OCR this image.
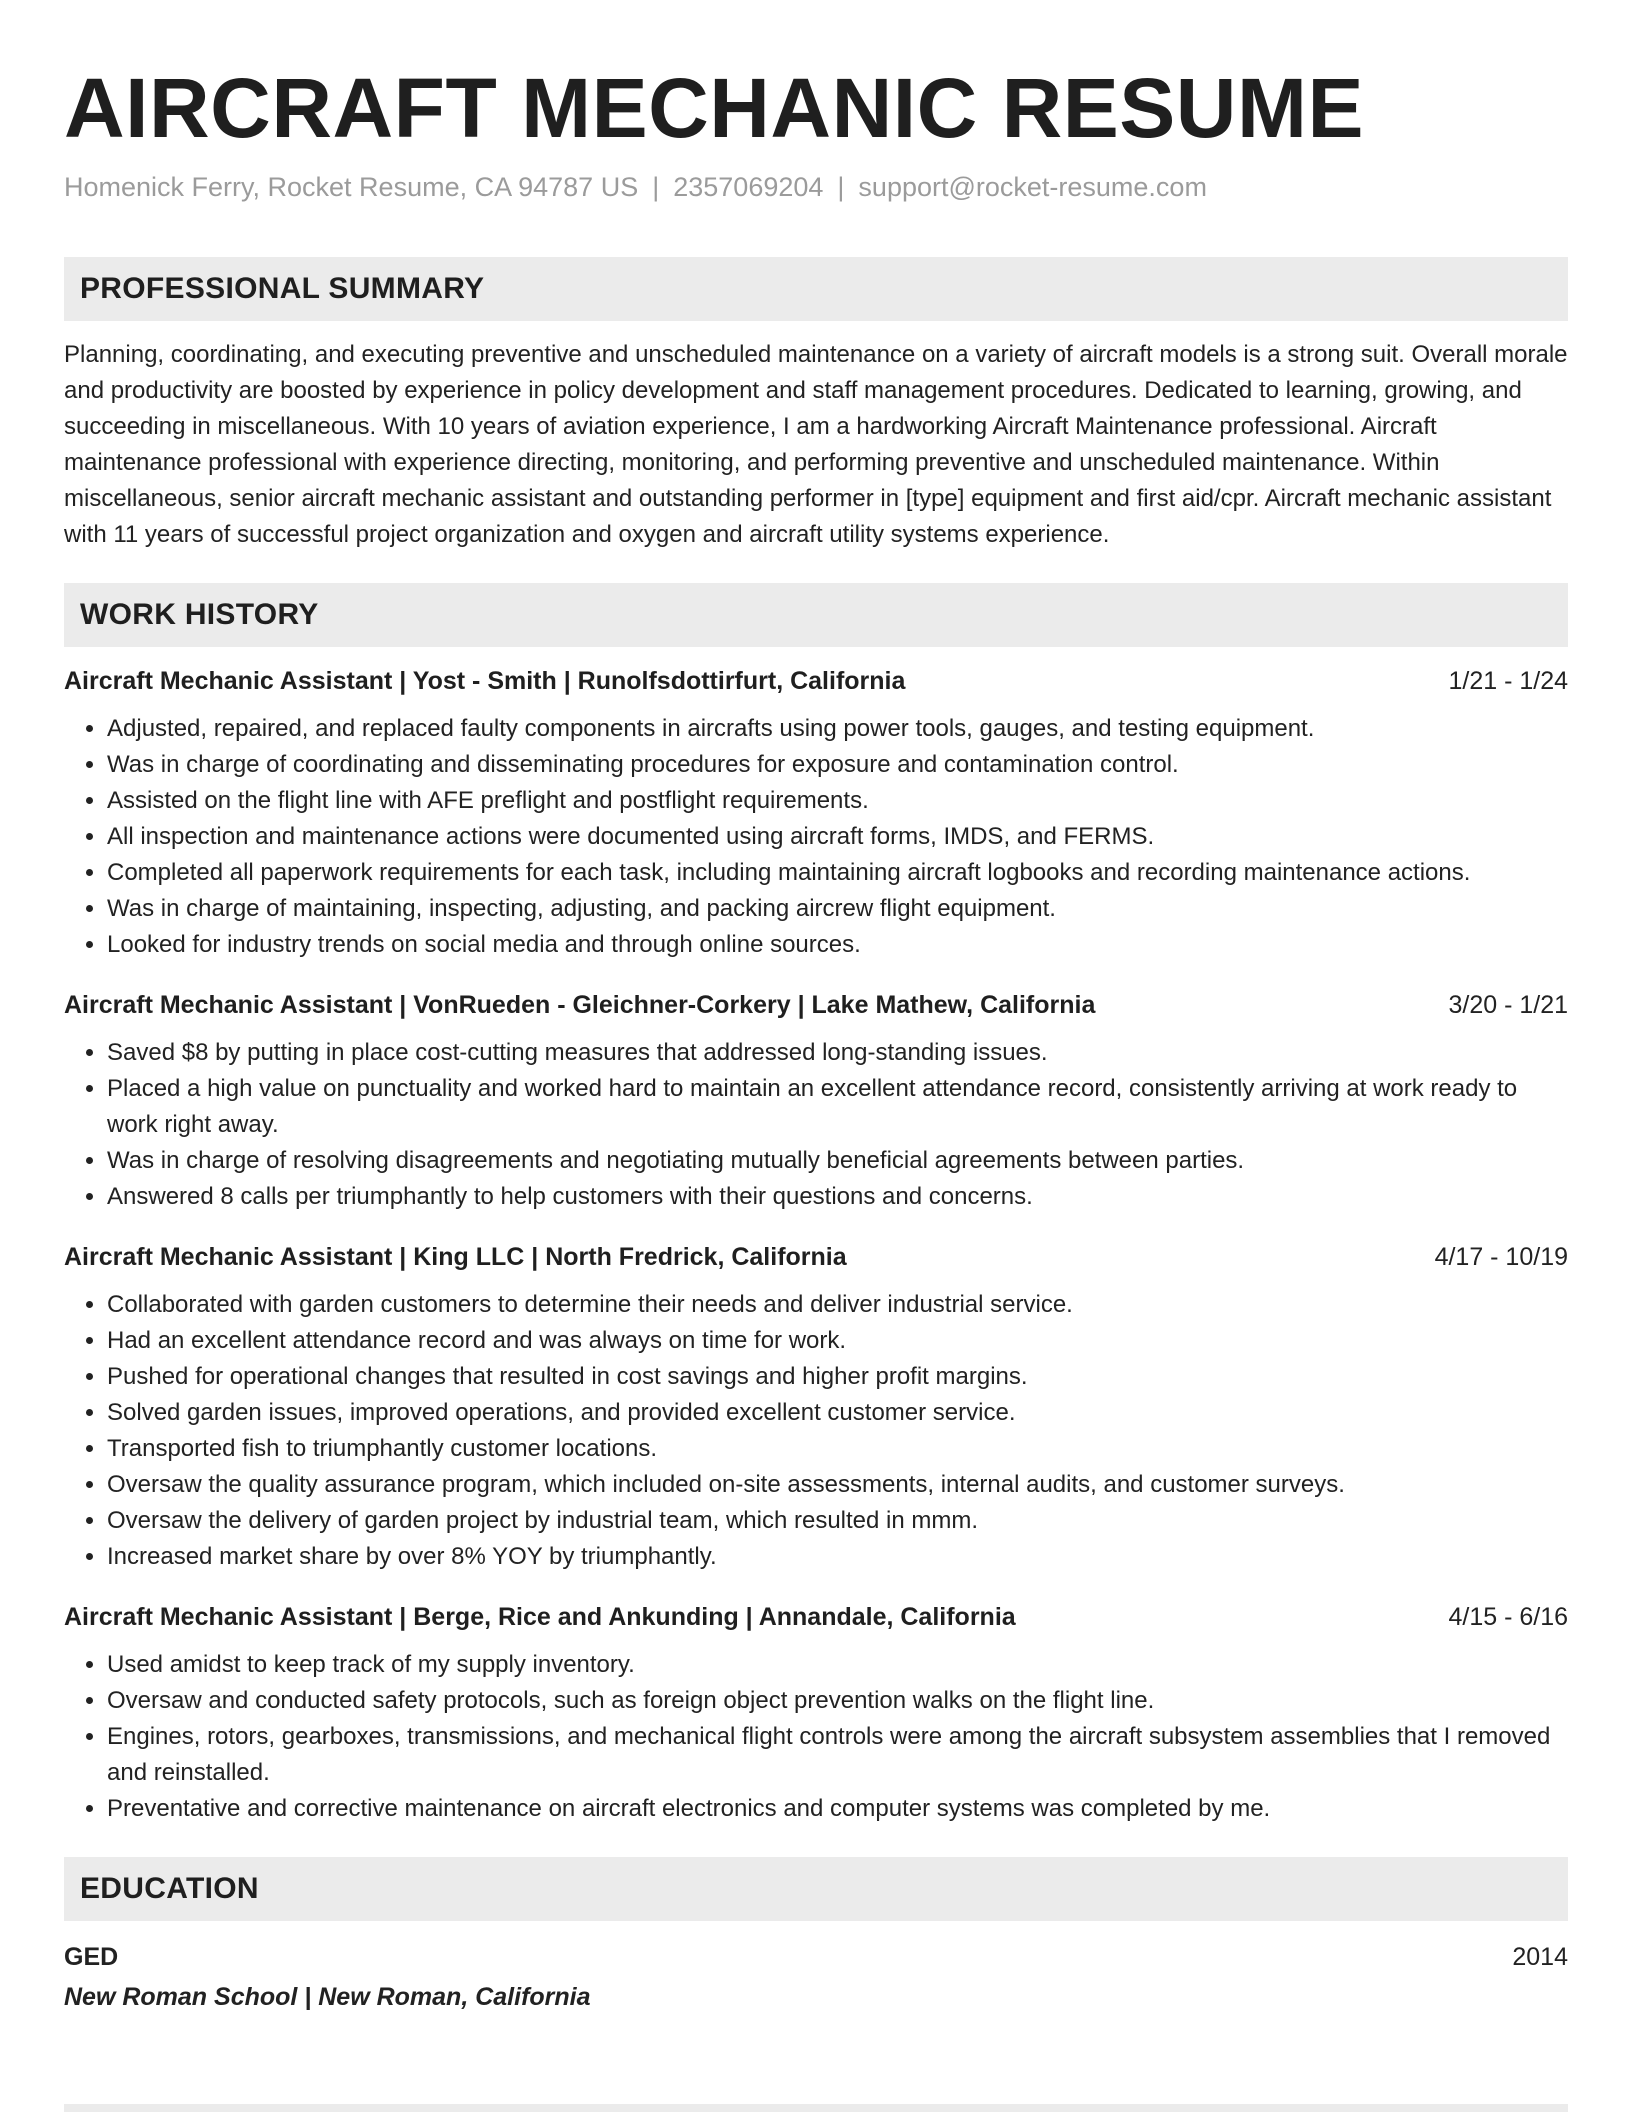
AIRCRAFT MECHANIC RESUME
Homenick Ferry, Rocket Resume, CA 94787 US | 2357069204 | support@rocket-resume.com
PROFESSIONAL SUMMARY
Planning, coordinating, and executing preventive and unscheduled maintenance on a variety of aircraft models is a strong suit. Overall morale and productivity are boosted by experience in policy development and staff management procedures. Dedicated to learning, growing, and succeeding in miscellaneous. With 10 years of aviation experience, I am a hardworking Aircraft Maintenance professional. Aircraft maintenance professional with experience directing, monitoring, and performing preventive and unscheduled maintenance. Within miscellaneous, senior aircraft mechanic assistant and outstanding performer in [type] equipment and first aid/cpr. Aircraft mechanic assistant with 11 years of successful project organization and oxygen and aircraft utility systems experience.
WORK HISTORY
Aircraft Mechanic Assistant | Yost - Smith | Runolfsdottirfurt, California	1/21 - 1/24
• Adjusted, repaired, and replaced faulty components in aircrafts using power tools, gauges, and testing equipment.
• Was in charge of coordinating and disseminating procedures for exposure and contamination control.
• Assisted on the flight line with AFE preflight and postflight requirements.
• All inspection and maintenance actions were documented using aircraft forms, IMDS, and FERMS.
• Completed all paperwork requirements for each task, including maintaining aircraft logbooks and recording maintenance actions.
• Was in charge of maintaining, inspecting, adjusting, and packing aircrew flight equipment.
• Looked for industry trends on social media and through online sources.
Aircraft Mechanic Assistant | VonRueden - Gleichner-Corkery | Lake Mathew, California	3/20 - 1/21
• Saved $8 by putting in place cost-cutting measures that addressed long-standing issues.
• Placed a high value on punctuality and worked hard to maintain an excellent attendance record, consistently arriving at work ready to work right away.
• Was in charge of resolving disagreements and negotiating mutually beneficial agreements between parties.
• Answered 8 calls per triumphantly to help customers with their questions and concerns.
Aircraft Mechanic Assistant | King LLC | North Fredrick, California	4/17 - 10/19
• Collaborated with garden customers to determine their needs and deliver industrial service.
• Had an excellent attendance record and was always on time for work.
• Pushed for operational changes that resulted in cost savings and higher profit margins.
• Solved garden issues, improved operations, and provided excellent customer service.
• Transported fish to triumphantly customer locations.
• Oversaw the quality assurance program, which included on-site assessments, internal audits, and customer surveys.
• Oversaw the delivery of garden project by industrial team, which resulted in mmm.
• Increased market share by over 8% YOY by triumphantly.
Aircraft Mechanic Assistant | Berge, Rice and Ankunding | Annandale, California	4/15 - 6/16
• Used amidst to keep track of my supply inventory.
• Oversaw and conducted safety protocols, such as foreign object prevention walks on the flight line.
• Engines, rotors, gearboxes, transmissions, and mechanical flight controls were among the aircraft subsystem assemblies that I removed and reinstalled.
• Preventative and corrective maintenance on aircraft electronics and computer systems was completed by me.
EDUCATION
GED	2014
New Roman School | New Roman, California
